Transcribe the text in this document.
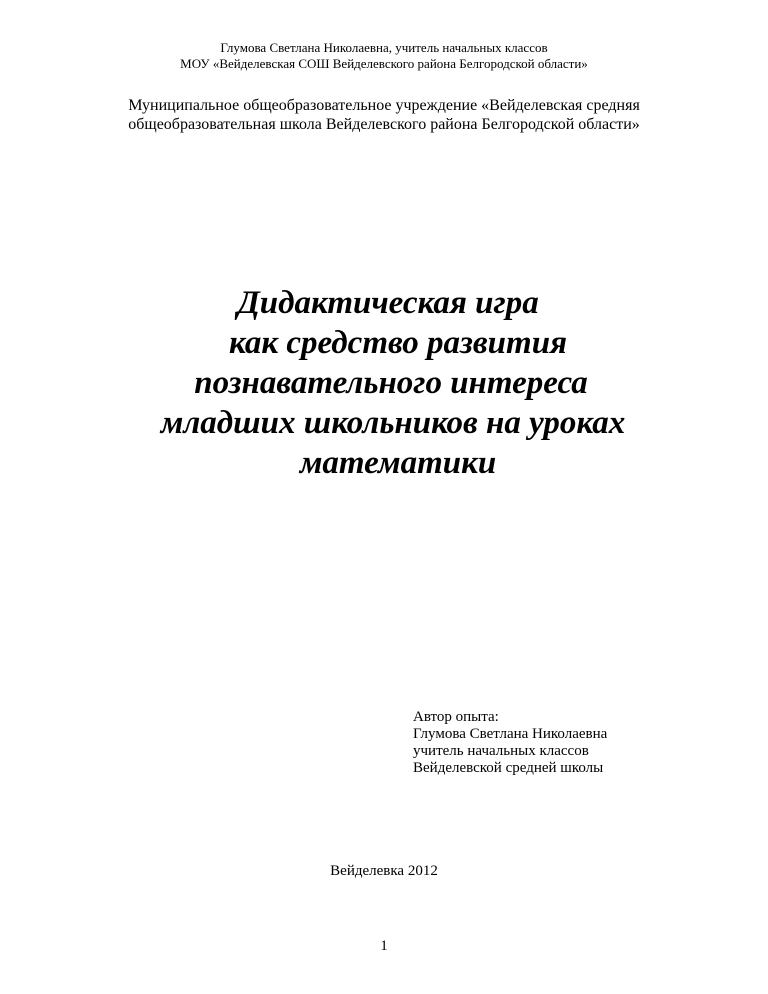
Глумова Светлана Николаевна, учитель начальных классов
МОУ «Вейделевская СОШ Вейделевского района Белгородской области»
Муниципальное общеобразовательное учреждение «Вейделевская средняя
общеобразовательная школа Вейделевского района Белгородской области»
Дидактическая игра
как средство развития
познавательного интереса
младших школьников на уроках
математики
Автор опыта:
Глумова Светлана Николаевна
учитель начальных классов
Вейделевской средней школы
Вейделевка 2012
1
